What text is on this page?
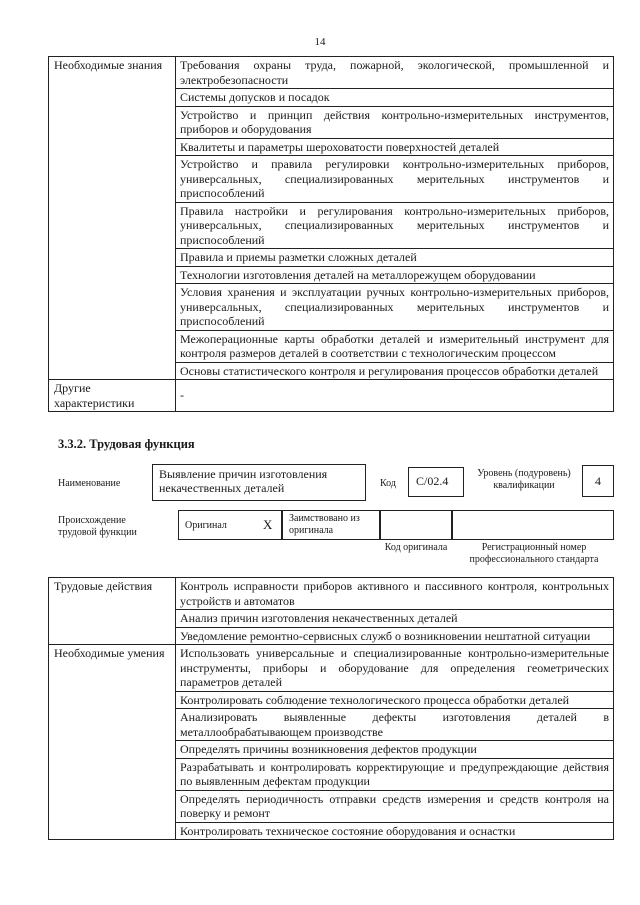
14
Необходимые знания	Требования охраны труда, пожарной, экологической, промышленной и электробезопасности
	Системы допусков и посадок
	Устройство и принцип действия контрольно-измерительных инструментов, приборов и оборудования
	Квалитеты и параметры шероховатости поверхностей деталей
	Устройство и правила регулировки контрольно-измерительных приборов, универсальных, специализированных мерительных инструментов и приспособлений
	Правила настройки и регулирования контрольно-измерительных приборов, универсальных, специализированных мерительных инструментов и приспособлений
	Правила и приемы разметки сложных деталей
	Технологии изготовления деталей на металлорежущем оборудовании
	Условия хранения и эксплуатации ручных контрольно-измерительных приборов, универсальных, специализированных мерительных инструментов и приспособлений
	Межоперационные карты обработки деталей и измерительный инструмент для контроля размеров деталей в соответствии с технологическим процессом
	Основы статистического контроля и регулирования процессов обработки деталей
Другие характеристики	-
3.3.2. Трудовая функция
Наименование
Выявление причин изготовления некачественных деталей	Код	С/02.4
Уровень (подуровень) квалификации	4
Происхождение трудовой функции
Оригинал	Х	Заимствовано из оригинала
Код оригинала	Регистрационный номер профессионального стандарта
Трудовые действия	Контроль исправности приборов активного и пассивного контроля, контрольных устройств и автоматов
	Анализ причин изготовления некачественных деталей
	Уведомление ремонтно-сервисных служб о возникновении нештатной ситуации
Необходимые умения	Использовать универсальные и специализированные контрольно-измерительные инструменты, приборы и оборудование для определения геометрических параметров деталей
	Контролировать соблюдение технологического процесса обработки деталей
	Анализировать выявленные дефекты изготовления деталей в металлообрабатывающем производстве
	Определять причины возникновения дефектов продукции
	Разрабатывать и контролировать корректирующие и предупреждающие действия по выявленным дефектам продукции
	Определять периодичность отправки средств измерения и средств контроля на поверку и ремонт
	Контролировать техническое состояние оборудования и оснастки
